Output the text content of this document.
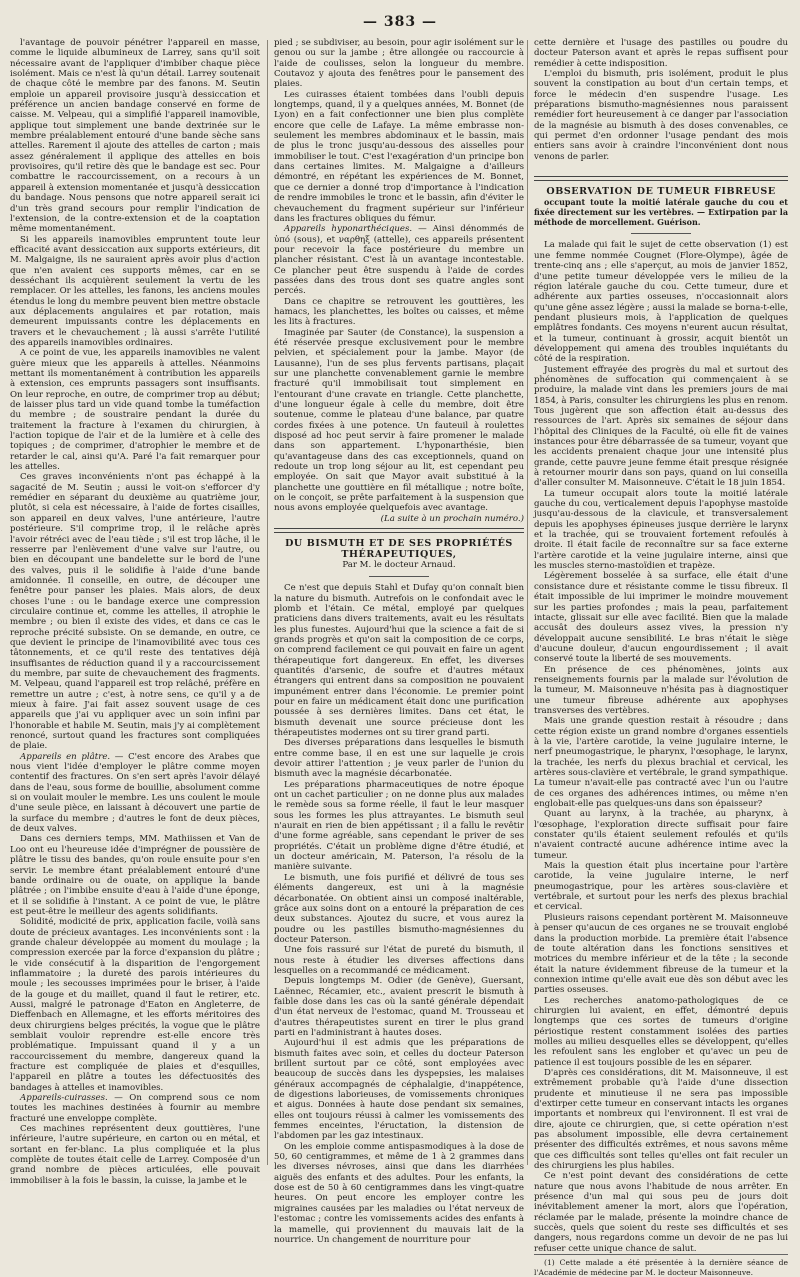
— 383 —

l'avantage de pouvoir pénétrer l'appareil en masse, comme le liquide albumineux de Larrey, sans qu'il soit nécessaire avant de l'appliquer d'imbiber chaque pièce isolément. Mais ce n'est là qu'un détail. Larrey soutenait de chaque côté le membre par des fanons. M. Seutin emploie un appareil provisoire jusqu'à dessiccation et préférence un ancien bandage conservé en forme de caisse. M. Velpeau, qui a simplifié l'appareil inamovible, applique tout simplement une bande dextrinée sur le membre préalablement entouré d'une bande sèche sans attelles. Rarement il ajoute des attelles de carton ; mais assez généralement il applique des attelles en bois provisoires, qu'il retire dès que le bandage est sec. Pour combattre le raccourcissement, on a recours à un appareil à extension momentanée et jusqu'à dessiccation du bandage. Nous pensons que notre appareil serait ici d'un très grand secours pour remplir l'indication de l'extension, de la contre-extension et de la coaptation même momentanément.

Si les appareils inamovibles empruntent toute leur efficacité avant dessiccation aux supports extérieurs, dit M. Malgaigne, ils ne sauraient après avoir plus d'action que n'en avaient ces supports mêmes, car en se desséchant ils acquièrent seulement la vertu de les remplacer. Or les attelles, les fanons, les anciens moules étendus le long du membre peuvent bien mettre obstacle aux déplacements angulaires et par rotation, mais demeurent impuissants contre les déplacements en travers et le chevauchement ; là aussi s'arrête l'utilité des appareils inamovibles ordinaires.

A ce point de vue, les appareils inamovibles ne valent guère mieux que les appareils à attelles. Néanmoins mettant ils momentanément à contribution les appareils à extension, ces emprunts passagers sont insuffisants. On leur reproche, en outre, de comprimer trop au début; de laisser plus tard un vide quand tombe la tuméfaction du membre ; de soustraire pendant la durée du traitement la fracture à l'examen du chirurgien, à l'action topique de l'air et de la lumière et à celle des topiques ; de comprimer, d'atrophier le membre et de retarder le cal, ainsi qu'A. Paré l'a fait remarquer pour les attelles.

Ces graves inconvénients n'ont pas échappé à la sagacité de M. Seutin ; aussi le voit-on s'efforcer d'y remédier en séparant du deuxième au quatrième jour, plutôt, si cela est nécessaire, à l'aide de fortes cisailles, son appareil en deux valves, l'une antérieure, l'autre postérieure. S'il comprime trop, il le relâche après l'avoir rétréci avec de l'eau tiède ; s'il est trop lâche, il le resserre par l'enlèvement d'une valve sur l'autre, ou bien en découpant une bandelette sur le bord de l'une des valves, puis il le solidifie à l'aide d'une bande amidonnée. Il conseille, en outre, de découper une fenêtre pour panser les plaies. Mais alors, de deux choses l'une : ou le bandage exerce une compression circulaire continue et, comme les attelles, il atrophie le membre ; ou bien il existe des vides, et dans ce cas le reproche précité subsiste. On se demande, en outre, ce que devient le principe de l'inamovibilité avec tous ces tâtonnements, et ce qu'il reste des tentatives déjà insuffisantes de réduction quand il y a raccourcissement du membre, par suite de chevauchement des fragments. M. Velpeau, quand l'appareil est trop relâché, préfère en remettre un autre ; c'est, à notre sens, ce qu'il y a de mieux à faire. J'ai fait assez souvent usage de ces appareils que j'ai vu appliquer avec un soin infini par l'honorable et habile M. Seutin, mais j'y ai complètement renoncé, surtout quand les fractures sont compliquées de plaie.

Appareils en plâtre. — C'est encore des Arabes que nous vient l'idée d'employer le plâtre comme moyen contentif des fractures. On s'en sert après l'avoir délayé dans de l'eau, sous forme de bouillie, absolument comme si on voulait mouler le membre. Les uns coulent le moule d'une seule pièce, en laissant à découvert une partie de la surface du membre ; d'autres le font de deux pièces, de deux valves.

Dans ces derniers temps, MM. Mathiissen et Van de Loo ont eu l'heureuse idée d'imprégner de poussière de plâtre le tissu des bandes, qu'on roule ensuite pour s'en servir. Le membre étant préalablement entouré d'une bande ordinaire ou de ouate, on applique la bande plâtrée ; on l'imbibe ensuite d'eau à l'aide d'une éponge, et il se solidifie à l'instant. A ce point de vue, le plâtre est peut-être le meilleur des agents solidifiants.

Solidité, modicité de prix, application facile, voilà sans doute de précieux avantages. Les inconvénients sont : la grande chaleur développée au moment du moulage ; la compression exercée par la force d'expansion du plâtre ; le vide consécutif à la disparition de l'engorgement inflammatoire ; la dureté des parois intérieures du moule ; les secousses imprimées pour le briser, à l'aide de la gouge et du maillet, quand il faut le retirer, etc. Aussi, malgré le patronage d'Eaton en Angleterre, de Dieffenbach en Allemagne, et les efforts méritoires des deux chirurgiens belges précités, la vogue que le plâtre semblait vouloir reprendre est-elle encore très problématique. Impuissant quand il y a un raccourcissement du membre, dangereux quand la fracture est compliquée de plaies et d'esquilles, l'appareil en plâtre a toutes les défectuosités des bandages à attelles et inamovibles.

Appareils-cuirasses. — On comprend sous ce nom toutes les machines destinées à fournir au membre fracturé une enveloppe complète.

Ces machines représentent deux gouttières, l'une inférieure, l'autre supérieure, en carton ou en métal, et sortant en fer-blanc. La plus compliquée et la plus complète de toutes était celle de Larrey. Composée d'un grand nombre de pièces articulées, elle pouvait immobiliser à la fois le bassin, la cuisse, la jambe et le

pied ; se subdiviser, au besoin, pour agir isolément sur le genou ou sur la jambe ; être allongée ou raccourcie à l'aide de coulisses, selon la longueur du membre. Coutavoz y ajouta des fenêtres pour le pansement des plaies.

Les cuirasses étaient tombées dans l'oubli depuis longtemps, quand, il y a quelques années, M. Bonnet (de Lyon) en a fait confectionner une bien plus complète encore que celle de Lafaye. La même embrasse non-seulement les membres abdominaux et le bassin, mais de plus le tronc jusqu'au-dessous des aisselles pour immobiliser le tout. C'est l'exagération d'un principe bon dans certaines limites. M. Malgaigne a d'ailleurs démontré, en répétant les expériences de M. Bonnet, que ce dernier a donné trop d'importance à l'indication de rendre immobiles le tronc et le bassin, afin d'éviter le chevauchement du fragment supérieur sur l'inférieur dans les fractures obliques du fémur.

Appareils hyponarthéciques. — Ainsi dénommés de ὑπό (sous), et ναρθηξ (attelle), ces appareils présentent pour recevoir la face postérieure du membre un plancher résistant. C'est là un avantage incontestable. Ce plancher peut être suspendu à l'aide de cordes passées dans des trous dont ses quatre angles sont percés.

Dans ce chapitre se retrouvent les gouttières, les hamacs, les planchettes, les boîtes ou caisses, et même les lits à fractures.

Imaginée par Sauter (de Constance), la suspension a été réservée presque exclusivement pour le membre pelvien, et spécialement pour la jambe. Mayor (de Lausanne), l'un de ses plus fervents partisans, plaçait sur une planchette convenablement garnie le membre fracturé qu'il immobilisait tout simplement en l'entourant d'une cravate en triangle. Cette planchette, d'une longueur égale à celle du membre, doit être soutenue, comme le plateau d'une balance, par quatre cordes fixées à une potence. Un fauteuil à roulettes disposé ad hoc peut servir à faire promener le malade dans son appartement. L'hyponarthésie, bien qu'avantageuse dans des cas exceptionnels, quand on redoute un trop long séjour au lit, est cependant peu employée. On sait que Mayor avait substitué à la planchette une gouttière en fil métallique ; notre boîte, on le conçoit, se prête parfaitement à la suspension que nous avons employée quelquefois avec avantage.

(La suite à un prochain numéro.)

DU BISMUTH ET DE SES PROPRIÉTÉS THÉRAPEUTIQUES,

Par M. le docteur Arnaud.

Ce n'est que depuis Stahl et Dufay qu'on connaît bien la nature du bismuth. Autrefois on le confondait avec le plomb et l'étain. Ce métal, employé par quelques praticiens dans divers traitements, avait eu les résultats les plus funestes. Aujourd'hui que la science a fait de si grands progrès et qu'on sait la composition de ce corps, on comprend facilement ce qui pouvait en faire un agent thérapeutique fort dangereux. En effet, les diverses quantités d'arsenic, de soufre et d'autres métaux étrangers qui entrent dans sa composition ne pouvaient impunément entrer dans l'économie. Le premier point pour en faire un médicament était donc une purification poussée à ses dernières limites. Dans cet état, le bismuth devenait une source précieuse dont les thérapeutistes modernes ont su tirer grand parti.

Des diverses préparations dans lesquelles le bismuth entre comme base, il en est une sur laquelle je crois devoir attirer l'attention ; je veux parler de l'union du bismuth avec la magnésie décarbonatée.

Les préparations pharmaceutiques de notre époque ont un cachet particulier ; on ne donne plus aux malades le remède sous sa forme réelle, il faut le leur masquer sous les formes les plus attrayantes. Le bismuth seul n'aurait en rien de bien appétissant ; il a fallu le revêtir d'une forme agréable, sans cependant le priver de ses propriétés. C'était un problème digne d'être étudié, et un docteur américain, M. Paterson, l'a résolu de la manière suivante.

Le bismuth, une fois purifié et délivré de tous ses éléments dangereux, est uni à la magnésie décarbonatée. On obtient ainsi un composé inaltérable, grâce aux soins dont on a entouré la préparation de ces deux substances. Ajoutez du sucre, et vous aurez la poudre ou les pastilles bismutho-magnésiennes du docteur Paterson.

Une fois rassuré sur l'état de pureté du bismuth, il nous reste à étudier les diverses affections dans lesquelles on a recommandé ce médicament.

Depuis longtemps M. Odier (de Genève), Guersant, Laënnec, Récamier, etc., avaient prescrit le bismuth à faible dose dans les cas où la santé générale dépendait d'un état nerveux de l'estomac, quand M. Trousseau et d'autres thérapeutistes surent en tirer le plus grand parti en l'administrant à hautes doses.

Aujourd'hui il est admis que les préparations de bismuth faites avec soin, et celles du docteur Paterson brillent surtout par ce côté, sont employées avec beaucoup de succès dans les dyspepsies, les malaises généraux accompagnés de céphalalgie, d'inappétence, de digestions laborieuses, de vomissements chroniques et aigus. Données à haute dose pendant six semaines, elles ont toujours réussi à calmer les vomissements des femmes enceintes, l'éructation, la distension de l'abdomen par les gaz intestinaux.

On les emploie comme antispasmodiques à la dose de 50, 60 centigrammes, et même de 1 à 2 grammes dans les diverses névroses, ainsi que dans les diarrhées aiguës des enfants et des adultes. Pour les enfants, la dose est de 50 à 60 centigrammes dans les vingt-quatre heures. On peut encore les employer contre les migraines causées par les maladies ou l'état nerveux de l'estomac ; contre les vomissements acides des enfants à la mamelle, qui proviennent du mauvais lait de la nourrice. Un changement de nourriture pour

cette dernière et l'usage des pastilles ou poudre du docteur Paterson avant et après le repas suffisent pour remédier à cette indisposition.

L'emploi du bismuth, pris isolément, produit le plus souvent la constipation au bout d'un certain temps, et force le médecin d'en suspendre l'usage. Les préparations bismutho-magnésiennes nous paraissent remédier fort heureusement à ce danger par l'association de la magnésie au bismuth à des doses convenables, ce qui permet d'en ordonner l'usage pendant des mois entiers sans avoir à craindre l'inconvénient dont nous venons de parler.

OBSERVATION DE TUMEUR FIBREUSE

occupant toute la moitié latérale gauche du cou et fixée directement sur les vertèbres. — Extirpation par la méthode de morcellement. Guérison.

La malade qui fait le sujet de cette observation (1) est une femme nommée Cougnet (Flore-Olympe), âgée de trente-cinq ans ; elle s'aperçut, au mois de janvier 1852, d'une petite tumeur développée vers le milieu de la région latérale gauche du cou. Cette tumeur, dure et adhérente aux parties osseuses, n'occasionnait alors qu'une gêne assez légère ; aussi la malade se borna-t-elle, pendant plusieurs mois, à l'application de quelques emplâtres fondants. Ces moyens n'eurent aucun résultat, et la tumeur, continuant à grossir, acquit bientôt un développement qui amena des troubles inquiétants du côté de la respiration.

Justement effrayée des progrès du mal et surtout des phénomènes de suffocation qui commençaient à se produire, la malade vint dans les premiers jours de mai 1854, à Paris, consulter les chirurgiens les plus en renom. Tous jugèrent que son affection était au-dessus des ressources de l'art. Après six semaines de séjour dans l'hôpital des Cliniques de la Faculté, où elle fit de vaines instances pour être débarrassée de sa tumeur, voyant que les accidents prenaient chaque jour une intensité plus grande, cette pauvre jeune femme était presque résignée à retourner mourir dans son pays, quand on lui conseilla d'aller consulter M. Maisonneuve. C'était le 18 juin 1854.

La tumeur occupait alors toute la moitié latérale gauche du cou, verticalement depuis l'apophyse mastoïde jusqu'au-dessous de la clavicule, et transversalement depuis les apophyses épineuses jusque derrière le larynx et la trachée, qui se trouvaient fortement refoulés à droite. Il était facile de reconnaître sur sa face externe l'artère carotide et la veine jugulaire interne, ainsi que les muscles sterno-mastoïdien et trapèze.

Légèrement bosselée à sa surface, elle était d'une consistance dure et résistante comme le tissu fibreux. Il était impossible de lui imprimer le moindre mouvement sur les parties profondes ; mais la peau, parfaitement intacte, glissait sur elle avec facilité. Bien que la malade accusât des douleurs assez vives, la pression n'y développait aucune sensibilité. Le bras n'était le siège d'aucune douleur, d'aucun engourdissement ; il avait conservé toute la liberté de ses mouvements.

En présence de ces phénomènes, joints aux renseignements fournis par la malade sur l'évolution de la tumeur, M. Maisonneuve n'hésita pas à diagnostiquer une tumeur fibreuse adhérente aux apophyses transverses des vertèbres.

Mais une grande question restait à résoudre ; dans cette région existe un grand nombre d'organes essentiels à la vie, l'artère carotide, la veine jugulaire interne, le nerf pneumogastrique, le pharynx, l'œsophage, le larynx, la trachée, les nerfs du plexus brachial et cervical, les artères sous-clavière et vertébrale, le grand sympathique. La tumeur n'avait-elle pas contracté avec l'un ou l'autre de ces organes des adhérences intimes, ou même n'en englobait-elle pas quelques-uns dans son épaisseur?

Quant au larynx, à la trachée, au pharynx, à l'œsophage, l'exploration directe suffisait pour faire constater qu'ils étaient seulement refoulés et qu'ils n'avaient contracté aucune adhérence intime avec la tumeur.

Mais la question était plus incertaine pour l'artère carotide, la veine jugulaire interne, le nerf pneumogastrique, pour les artères sous-clavière et vertébrale, et surtout pour les nerfs des plexus brachial et cervical.

Plusieurs raisons cependant portèrent M. Maisonneuve à penser qu'aucun de ces organes ne se trouvait englobé dans la production morbide. La première était l'absence de toute altération dans les fonctions sensitives et motrices du membre inférieur et de la tête ; la seconde était la nature évidemment fibreuse de la tumeur et la connexion intime qu'elle avait eue dès son début avec les parties osseuses.

Les recherches anatomo-pathologiques de ce chirurgien lui avaient, en effet, démontré depuis longtemps que ces sortes de tumeurs d'origine périostique restent constamment isolées des parties molles au milieu desquelles elles se développent, qu'elles les refoulent sans les englober et qu'avec un peu de patience il est toujours possible de les en séparer.

D'après ces considérations, dit M. Maisonneuve, il est extrêmement probable qu'à l'aide d'une dissection prudente et minutieuse il ne sera pas impossible d'extirper cette tumeur en conservant intacts les organes importants et nombreux qui l'environnent. Il est vrai de dire, ajoute ce chirurgien, que, si cette opération n'est pas absolument impossible, elle devra certainement présenter des difficultés extrêmes, et nous savons même que ces difficultés sont telles qu'elles ont fait reculer un des chirurgiens les plus habiles.

Ce n'est point devant des considérations de cette nature que nous avons l'habitude de nous arrêter. En présence d'un mal qui sous peu de jours doit inévitablement amener la mort, alors que l'opération, réclamée par le malade, présente la moindre chance de succès, quels que soient du reste ses difficultés et ses dangers, nous regardons comme un devoir de ne pas lui refuser cette unique chance de salut.

(1) Cette malade a été présentée à la dernière séance de l'Académie de médecine par M. le docteur Maisonneuve.
